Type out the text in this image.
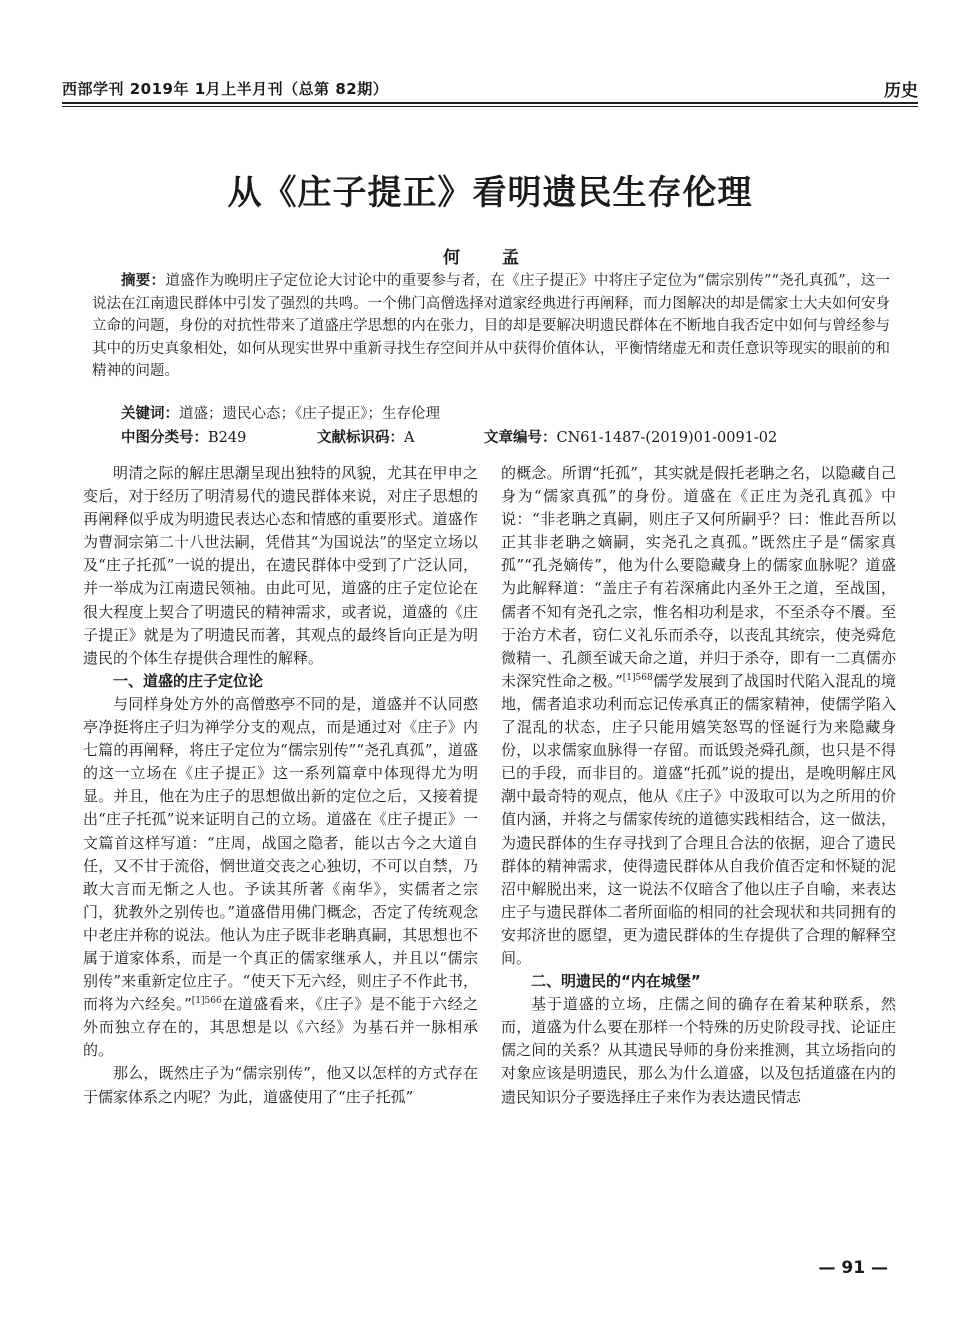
西部学刊 2019年 1月上半月刊（总第 82期）	历史
从《庄子提正》看明遗民生存伦理
何 孟
摘要：道盛作为晚明庄子定位论大讨论中的重要参与者，在《庄子提正》中将庄子定位为“儒宗别传”“尧孔真孤”，这一说法在江南遗民群体中引发了强烈的共鸣。一个佛门高僧选择对道家经典进行再阐释，而力图解决的却是儒家士大夫如何安身立命的问题，身份的对抗性带来了道盛庄学思想的内在张力，目的却是要解决明遗民群体在不断地自我否定中如何与曾经参与其中的历史真象相处，如何从现实世界中重新寻找生存空间并从中获得价值体认，平衡情绪虚无和责任意识等现实的眼前的和精神的问题。
关键词：道盛；遗民心态；《庄子提正》；生存伦理
中图分类号：B249	文献标识码：A	文章编号：CN61-1487-(2019)01-0091-02

明清之际的解庄思潮呈现出独特的风貌，尤其在甲申之变后，对于经历了明清易代的遗民群体来说，对庄子思想的再阐释似乎成为明遗民表达心态和情感的重要形式。道盛作为曹洞宗第二十八世法嗣，凭借其“为国说法”的坚定立场以及“庄子托孤”一说的提出，在遗民群体中受到了广泛认同，并一举成为江南遗民领袖。由此可见，道盛的庄子定位论在很大程度上契合了明遗民的精神需求，或者说，道盛的《庄子提正》就是为了明遗民而著，其观点的最终旨向正是为明遗民的个体生存提供合理性的解释。

一、道盛的庄子定位论

与同样身处方外的高僧憨亭不同的是，道盛并不认同憨亭净挺将庄子归为禅学分支的观点，而是通过对《庄子》内七篇的再阐释，将庄子定位为“儒宗别传”“尧孔真孤”，道盛的这一立场在《庄子提正》这一系列篇章中体现得尤为明显。并且，他在为庄子的思想做出新的定位之后，又接着提出“庄子托孤”说来证明自己的立场。道盛在《庄子提正》一文篇首这样写道：“庄周，战国之隐者，能以古今之大道自任，又不甘于流俗，惘世道交丧之心独切，不可以自禁，乃敢大言而无惭之人也。予读其所著《南华》，实儒者之宗门，犹教外之别传也。”道盛借用佛门概念，否定了传统观念中老庄并称的说法。他认为庄子既非老聃真嗣，其思想也不属于道家体系，而是一个真正的儒家继承人，并且以“儒宗别传”来重新定位庄子。“使天下无六经，则庄子不作此书，而将为六经矣。”$^{[1]566}$在道盛看来，《庄子》是不能于六经之外而独立存在的，其思想是以《六经》为基石并一脉相承的。

那么，既然庄子为“儒宗别传”，他又以怎样的方式存在于儒家体系之内呢？为此，道盛使用了“庄子托孤”

的概念。所谓“托孤”，其实就是假托老聃之名，以隐藏自己身为“儒家真孤”的身份。道盛在《正庄为尧孔真孤》中说：“非老聃之真嗣，则庄子又何所嗣乎？曰：惟此吾所以正其非老聃之嫡嗣，实尧孔之真孤。”既然庄子是“儒家真孤”“孔尧嫡传”，他为什么要隐藏身上的儒家血脉呢？道盛为此解释道：“盖庄子有若深痛此内圣外王之道，至战国，儒者不知有尧孔之宗，惟名相功利是求，不至杀夺不餍。至于治方术者，窃仁义礼乐而杀夺，以丧乱其统宗，使尧舜危微精一、孔颜至诚天命之道，并归于杀夺，即有一二真儒亦未深究性命之极。”$^{[1]568}$儒学发展到了战国时代陷入混乱的境地，儒者追求功利而忘记传承真正的儒家精神，使儒学陷入了混乱的状态，庄子只能用嬉笑怒骂的怪诞行为来隐藏身份，以求儒家血脉得一存留。而诋毁尧舜孔颜，也只是不得已的手段，而非目的。道盛“托孤”说的提出，是晚明解庄风潮中最奇特的观点，他从《庄子》中汲取可以为之所用的价值内涵，并将之与儒家传统的道德实践相结合，这一做法，为遗民群体的生存寻找到了合理且合法的依据，迎合了遗民群体的精神需求，使得遗民群体从自我价值否定和怀疑的泥沼中解脱出来，这一说法不仅暗含了他以庄子自喻，来表达庄子与遗民群体二者所面临的相同的社会现状和共同拥有的安邦济世的愿望，更为遗民群体的生存提供了合理的解释空间。

二、明遗民的“内在城堡”

基于道盛的立场，庄儒之间的确存在着某种联系，然而，道盛为什么要在那样一个特殊的历史阶段寻找、论证庄儒之间的关系？从其遗民导师的身份来推测，其立场指向的对象应该是明遗民，那么为什么道盛，以及包括道盛在内的遗民知识分子要选择庄子来作为表达遗民情志

— 91 —
